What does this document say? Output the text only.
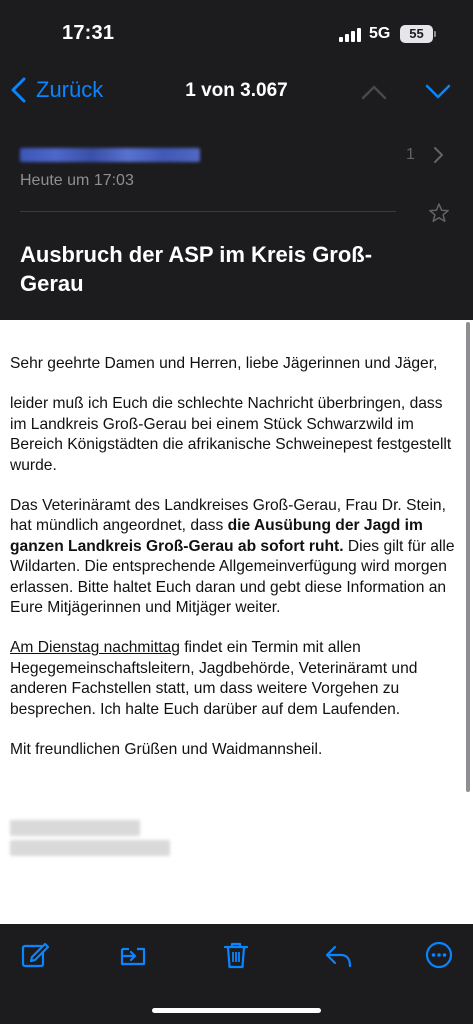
17:31	5G	55
Zurück	1 von 3.067
Heute um 17:03
1
Ausbruch der ASP im Kreis Groß-Gerau

Sehr geehrte Damen und Herren, liebe Jägerinnen und Jäger,

leider muß ich Euch die schlechte Nachricht überbringen, dass im Landkreis Groß-Gerau bei einem Stück Schwarzwild im Bereich Königstädten die afrikanische Schweinepest festgestellt wurde.

Das Veterinäramt des Landkreises Groß-Gerau, Frau Dr. Stein, hat mündlich angeordnet, dass die Ausübung der Jagd im ganzen Landkreis Groß-Gerau ab sofort ruht. Dies gilt für alle Wildarten. Die entsprechende Allgemeinverfügung wird morgen erlassen. Bitte haltet Euch daran und gebt diese Information an Eure Mitjägerinnen und Mitjäger weiter.

Am Dienstag nachmittag findet ein Termin mit allen Hegegemeinschaftsleitern, Jagdbehörde, Veterinäramt und anderen Fachstellen statt, um dass weitere Vorgehen zu besprechen. Ich halte Euch darüber auf dem Laufenden.

Mit freundlichen Grüßen und Waidmannsheil.
